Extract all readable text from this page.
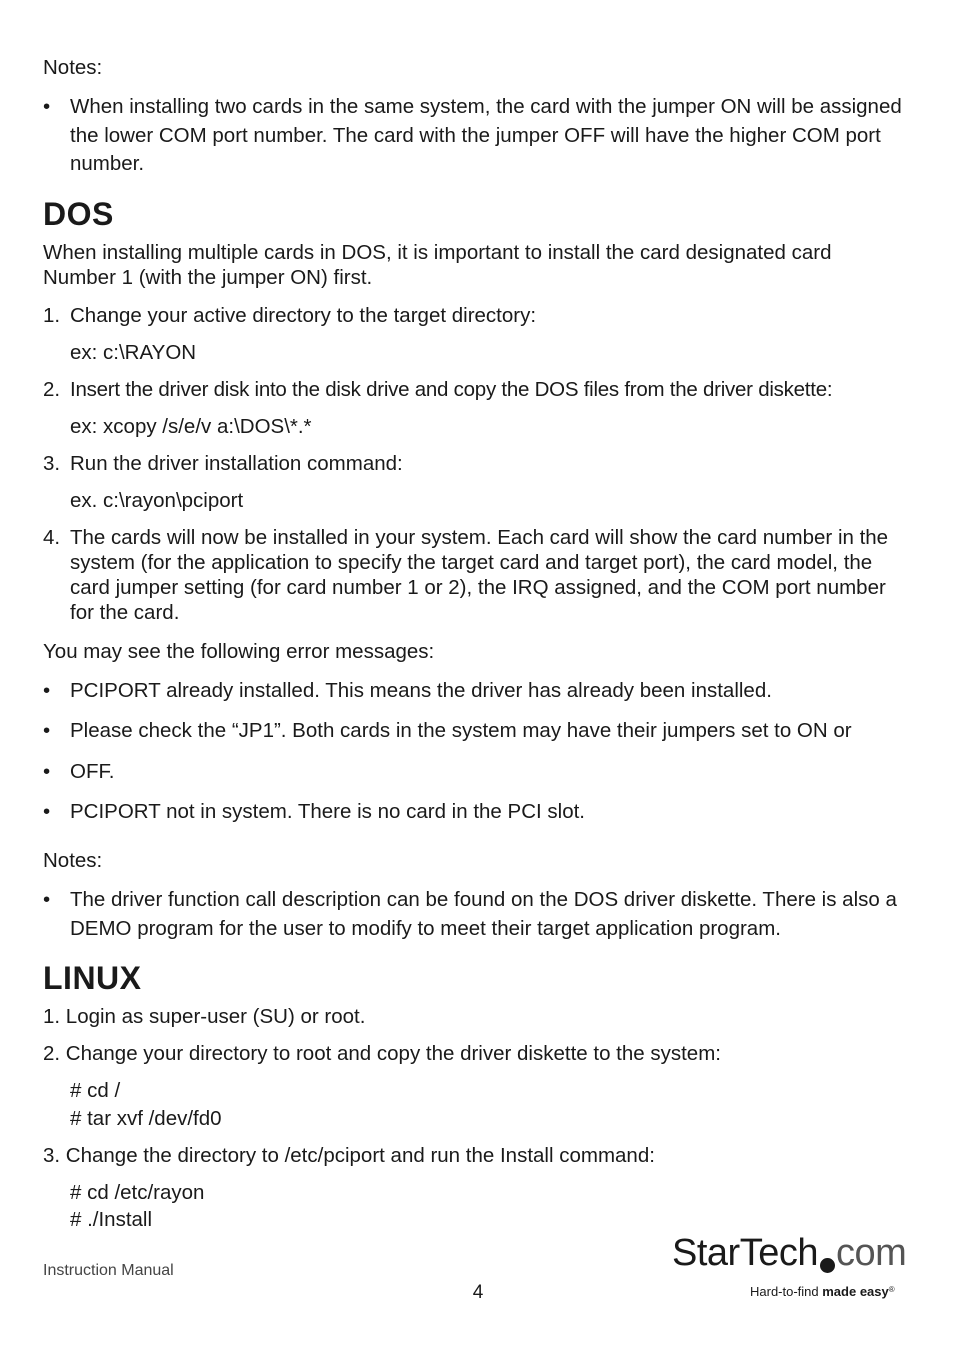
Notes:
• When installing two cards in the same system, the card with the jumper ON will be assigned the lower COM port number. The card with the jumper OFF will have the higher COM port number.
DOS
When installing multiple cards in DOS, it is important to install the card designated card Number 1 (with the jumper ON) first.
1. Change your active directory to the target directory:
ex: c:\RAYON
2. Insert the driver disk into the disk drive and copy the DOS files from the driver diskette:
ex: xcopy /s/e/v a:\DOS\*.*
3. Run the driver installation command:
ex. c:\rayon\pciport
4. The cards will now be installed in your system. Each card will show the card number in the system (for the application to specify the target card and target port), the card model, the card jumper setting (for card number 1 or 2), the IRQ assigned, and the COM port number for the card.
You may see the following error messages:
• PCIPORT already installed. This means the driver has already been installed.
• Please check the “JP1”. Both cards in the system may have their jumpers set to ON or
• OFF.
• PCIPORT not in system. There is no card in the PCI slot.
Notes:
• The driver function call description can be found on the DOS driver diskette. There is also a DEMO program for the user to modify to meet their target application program.
LINUX
1. Login as super-user (SU) or root.
2. Change your directory to root and copy the driver diskette to the system:
# cd /
# tar xvf /dev/fd0
3. Change the directory to /etc/pciport and run the Install command:
# cd /etc/rayon
# ./Install
Instruction Manual
4
StarTech com
Hard-to-find made easy®
